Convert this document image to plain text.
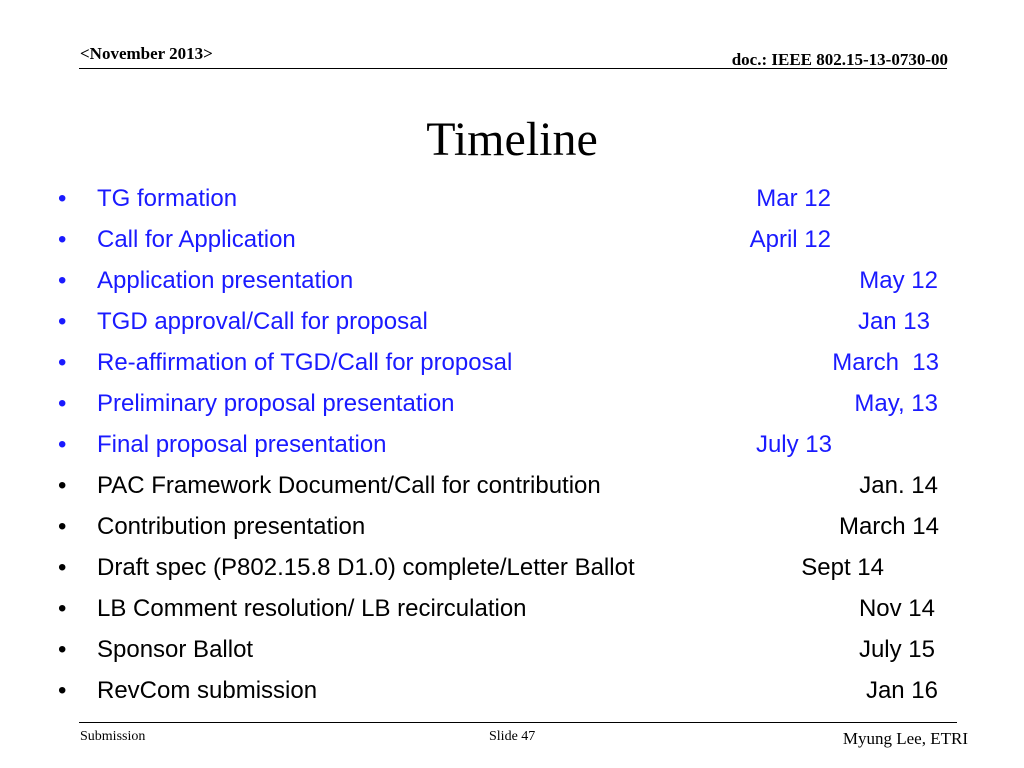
<November 2013>	doc.: IEEE 802.15-13-0730-00
Timeline
• TG formation	Mar 12
• Call for Application	April 12
• Application presentation	May 12
• TGD approval/Call for proposal	Jan 13
• Re-affirmation of TGD/Call for proposal	March  13
• Preliminary proposal presentation	May, 13
• Final proposal presentation	July 13
• PAC Framework Document/Call for contribution	Jan. 14
• Contribution presentation	March 14
• Draft spec (P802.15.8 D1.0) complete/Letter Ballot	Sept 14
• LB Comment resolution/ LB recirculation	Nov 14
• Sponsor Ballot	July 15
• RevCom submission	Jan 16
Submission	Slide 47	Myung Lee, ETRI
